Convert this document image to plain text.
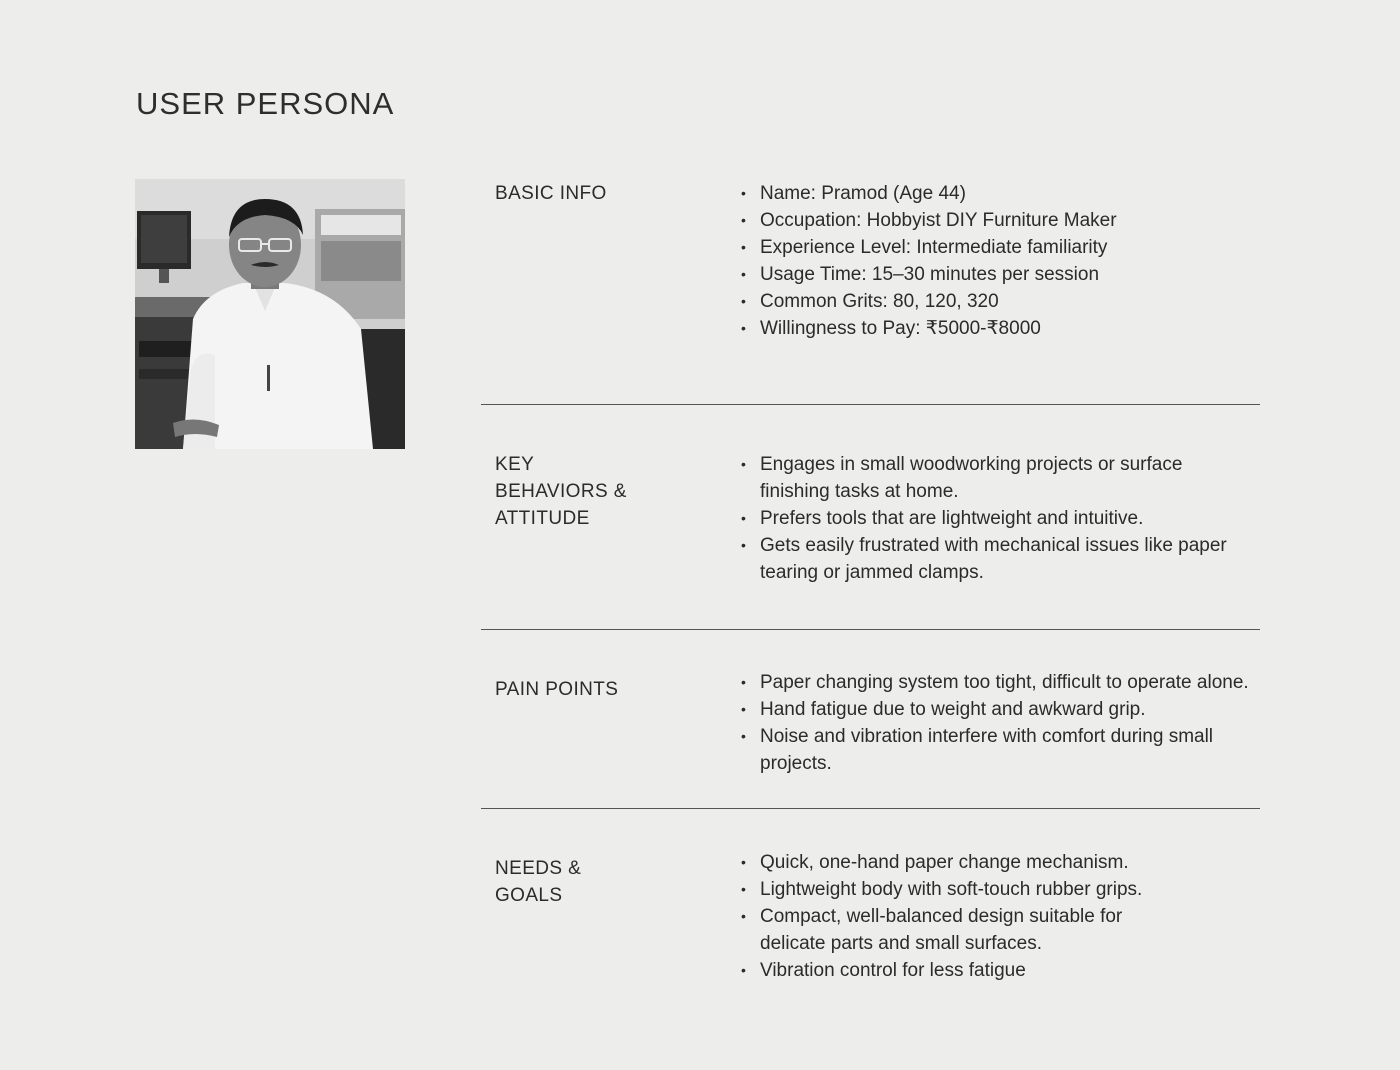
USER PERSONA
BASIC INFO	• Name: Pramod (Age 44)
• Occupation: Hobbyist DIY Furniture Maker
• Experience Level: Intermediate familiarity
• Usage Time: 15–30 minutes per session
• Common Grits: 80, 120, 320
• Willingness to Pay: ₹5000-₹8000
KEY
BEHAVIORS &
ATTITUDE
• Engages in small woodworking projects or surface finishing tasks at home.
• Prefers tools that are lightweight and intuitive.
• Gets easily frustrated with mechanical issues like paper tearing or jammed clamps.
PAIN POINTS	• Paper changing system too tight, difficult to operate alone.
• Hand fatigue due to weight and awkward grip.
• Noise and vibration interfere with comfort during small projects.
NEEDS &
GOALS
• Quick, one-hand paper change mechanism.
• Lightweight body with soft-touch rubber grips.
• Compact, well-balanced design suitable for delicate parts and small surfaces.
• Vibration control for less fatigue
